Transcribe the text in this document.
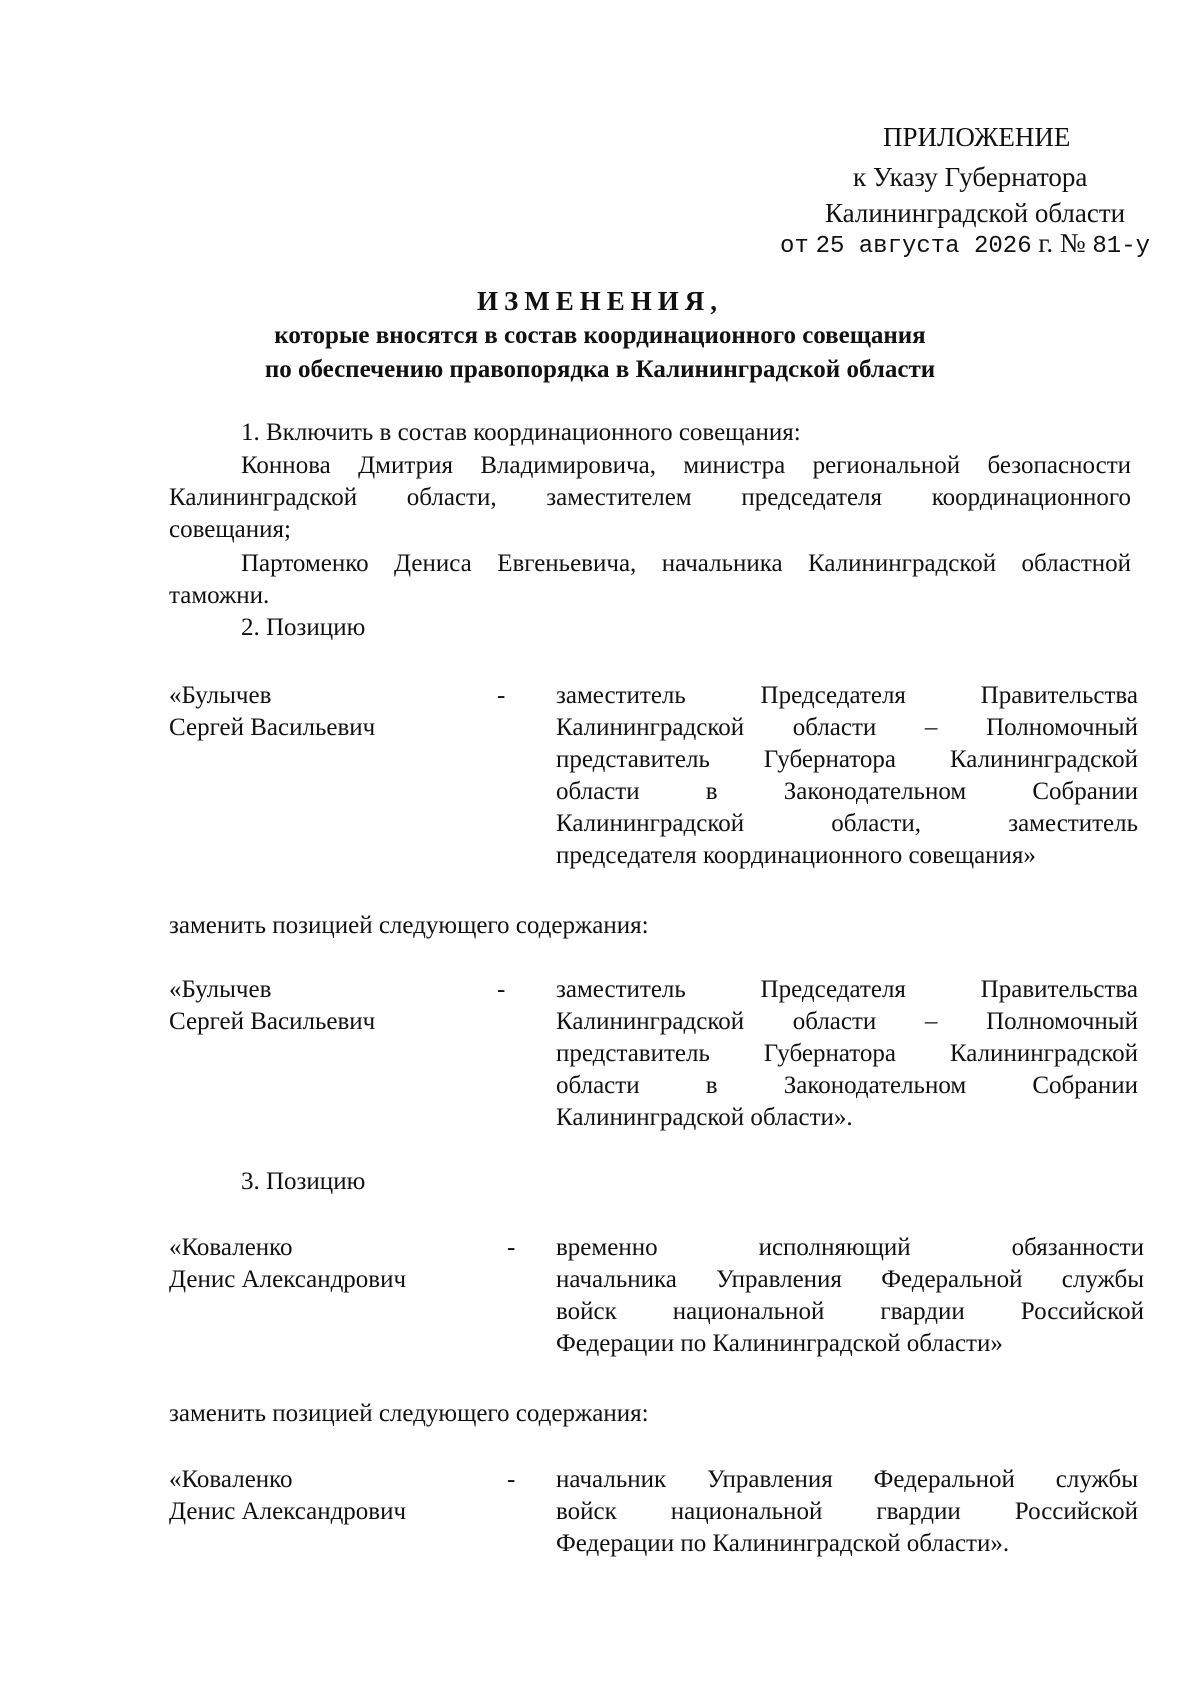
ПРИЛОЖЕНИЕ
к Указу Губернатора
Калининградской области
от 25 августа 2026 г. № 81-у
ИЗМЕНЕНИЯ,
которые вносятся в состав координационного совещания
по обеспечению правопорядка в Калининградской области
1. Включить в состав координационного совещания:
Коннова Дмитрия Владимировича, министра региональной безопасности
Калининградской области, заместителем председателя координационного
совещания;
Партоменко Дениса Евгеньевича, начальника Калининградской областной
таможни.
2. Позицию
«Булычев
Сергей Васильевич
- заместитель Председателя Правительства
Калининградской области – Полномочный
представитель Губернатора Калининградской
области в Законодательном Собрании
Калининградской области, заместитель
председателя координационного совещания»
заменить позицией следующего содержания:
«Булычев
Сергей Васильевич
- заместитель Председателя Правительства
Калининградской области – Полномочный
представитель Губернатора Калининградской
области в Законодательном Собрании
Калининградской области».
3. Позицию
«Коваленко
Денис Александрович
- временно исполняющий обязанности
начальника Управления Федеральной службы
войск национальной гвардии Российской
Федерации по Калининградской области»
заменить позицией следующего содержания:
«Коваленко
Денис Александрович
- начальник Управления Федеральной службы
войск национальной гвардии Российской
Федерации по Калининградской области».
